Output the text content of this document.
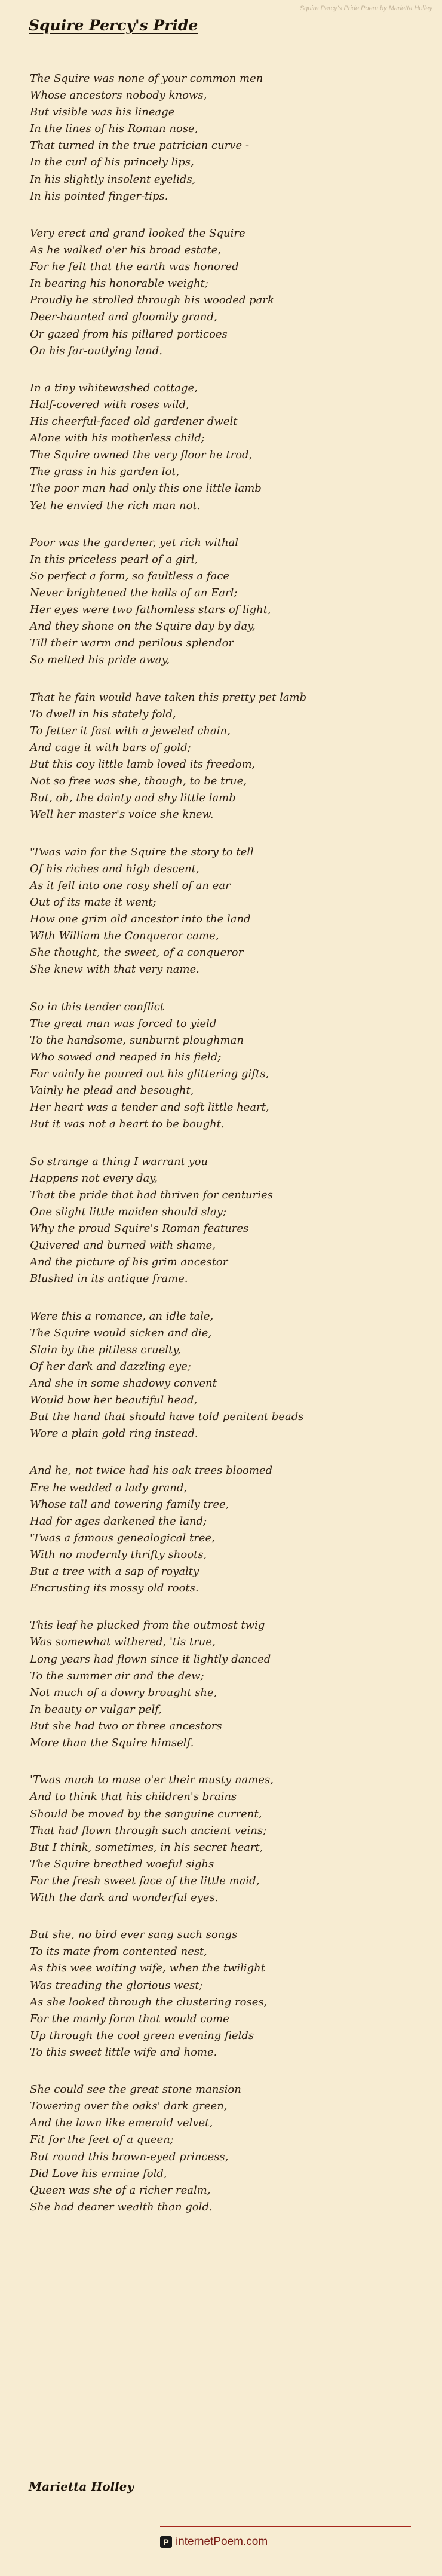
Squire Percy's Pride Poem by Marietta Holley
Squire Percy's Pride
The Squire was none of your common men
Whose ancestors nobody knows,
But visible was his lineage
In the lines of his Roman nose,
That turned in the true patrician curve -
In the curl of his princely lips,
In his slightly insolent eyelids,
In his pointed finger-tips.
Very erect and grand looked the Squire
As he walked o'er his broad estate,
For he felt that the earth was honored
In bearing his honorable weight;
Proudly he strolled through his wooded park
Deer-haunted and gloomily grand,
Or gazed from his pillared porticoes
On his far-outlying land.
In a tiny whitewashed cottage,
Half-covered with roses wild,
His cheerful-faced old gardener dwelt
Alone with his motherless child;
The Squire owned the very floor he trod,
The grass in his garden lot,
The poor man had only this one little lamb
Yet he envied the rich man not.
Poor was the gardener, yet rich withal
In this priceless pearl of a girl,
So perfect a form, so faultless a face
Never brightened the halls of an Earl;
Her eyes were two fathomless stars of light,
And they shone on the Squire day by day,
Till their warm and perilous splendor
So melted his pride away,
That he fain would have taken this pretty pet lamb
To dwell in his stately fold,
To fetter it fast with a jeweled chain,
And cage it with bars of gold;
But this coy little lamb loved its freedom,
Not so free was she, though, to be true,
But, oh, the dainty and shy little lamb
Well her master's voice she knew.
'Twas vain for the Squire the story to tell
Of his riches and high descent,
As it fell into one rosy shell of an ear
Out of its mate it went;
How one grim old ancestor into the land
With William the Conqueror came,
She thought, the sweet, of a conqueror
She knew with that very name.
So in this tender conflict
The great man was forced to yield
To the handsome, sunburnt ploughman
Who sowed and reaped in his field;
For vainly he poured out his glittering gifts,
Vainly he plead and besought,
Her heart was a tender and soft little heart,
But it was not a heart to be bought.
So strange a thing I warrant you
Happens not every day,
That the pride that had thriven for centuries
One slight little maiden should slay;
Why the proud Squire's Roman features
Quivered and burned with shame,
And the picture of his grim ancestor
Blushed in its antique frame.
Were this a romance, an idle tale,
The Squire would sicken and die,
Slain by the pitiless cruelty,
Of her dark and dazzling eye;
And she in some shadowy convent
Would bow her beautiful head,
But the hand that should have told penitent beads
Wore a plain gold ring instead.
And he, not twice had his oak trees bloomed
Ere he wedded a lady grand,
Whose tall and towering family tree,
Had for ages darkened the land;
'Twas a famous genealogical tree,
With no modernly thrifty shoots,
But a tree with a sap of royalty
Encrusting its mossy old roots.
This leaf he plucked from the outmost twig
Was somewhat withered, 'tis true,
Long years had flown since it lightly danced
To the summer air and the dew;
Not much of a dowry brought she,
In beauty or vulgar pelf,
But she had two or three ancestors
More than the Squire himself.
'Twas much to muse o'er their musty names,
And to think that his children's brains
Should be moved by the sanguine current,
That had flown through such ancient veins;
But I think, sometimes, in his secret heart,
The Squire breathed woeful sighs
For the fresh sweet face of the little maid,
With the dark and wonderful eyes.
But she, no bird ever sang such songs
To its mate from contented nest,
As this wee waiting wife, when the twilight
Was treading the glorious west;
As she looked through the clustering roses,
For the manly form that would come
Up through the cool green evening fields
To this sweet little wife and home.
She could see the great stone mansion
Towering over the oaks' dark green,
And the lawn like emerald velvet,
Fit for the feet of a queen;
But round this brown-eyed princess,
Did Love his ermine fold,
Queen was she of a richer realm,
She had dearer wealth than gold.
Marietta Holley
P internetPoem .com
